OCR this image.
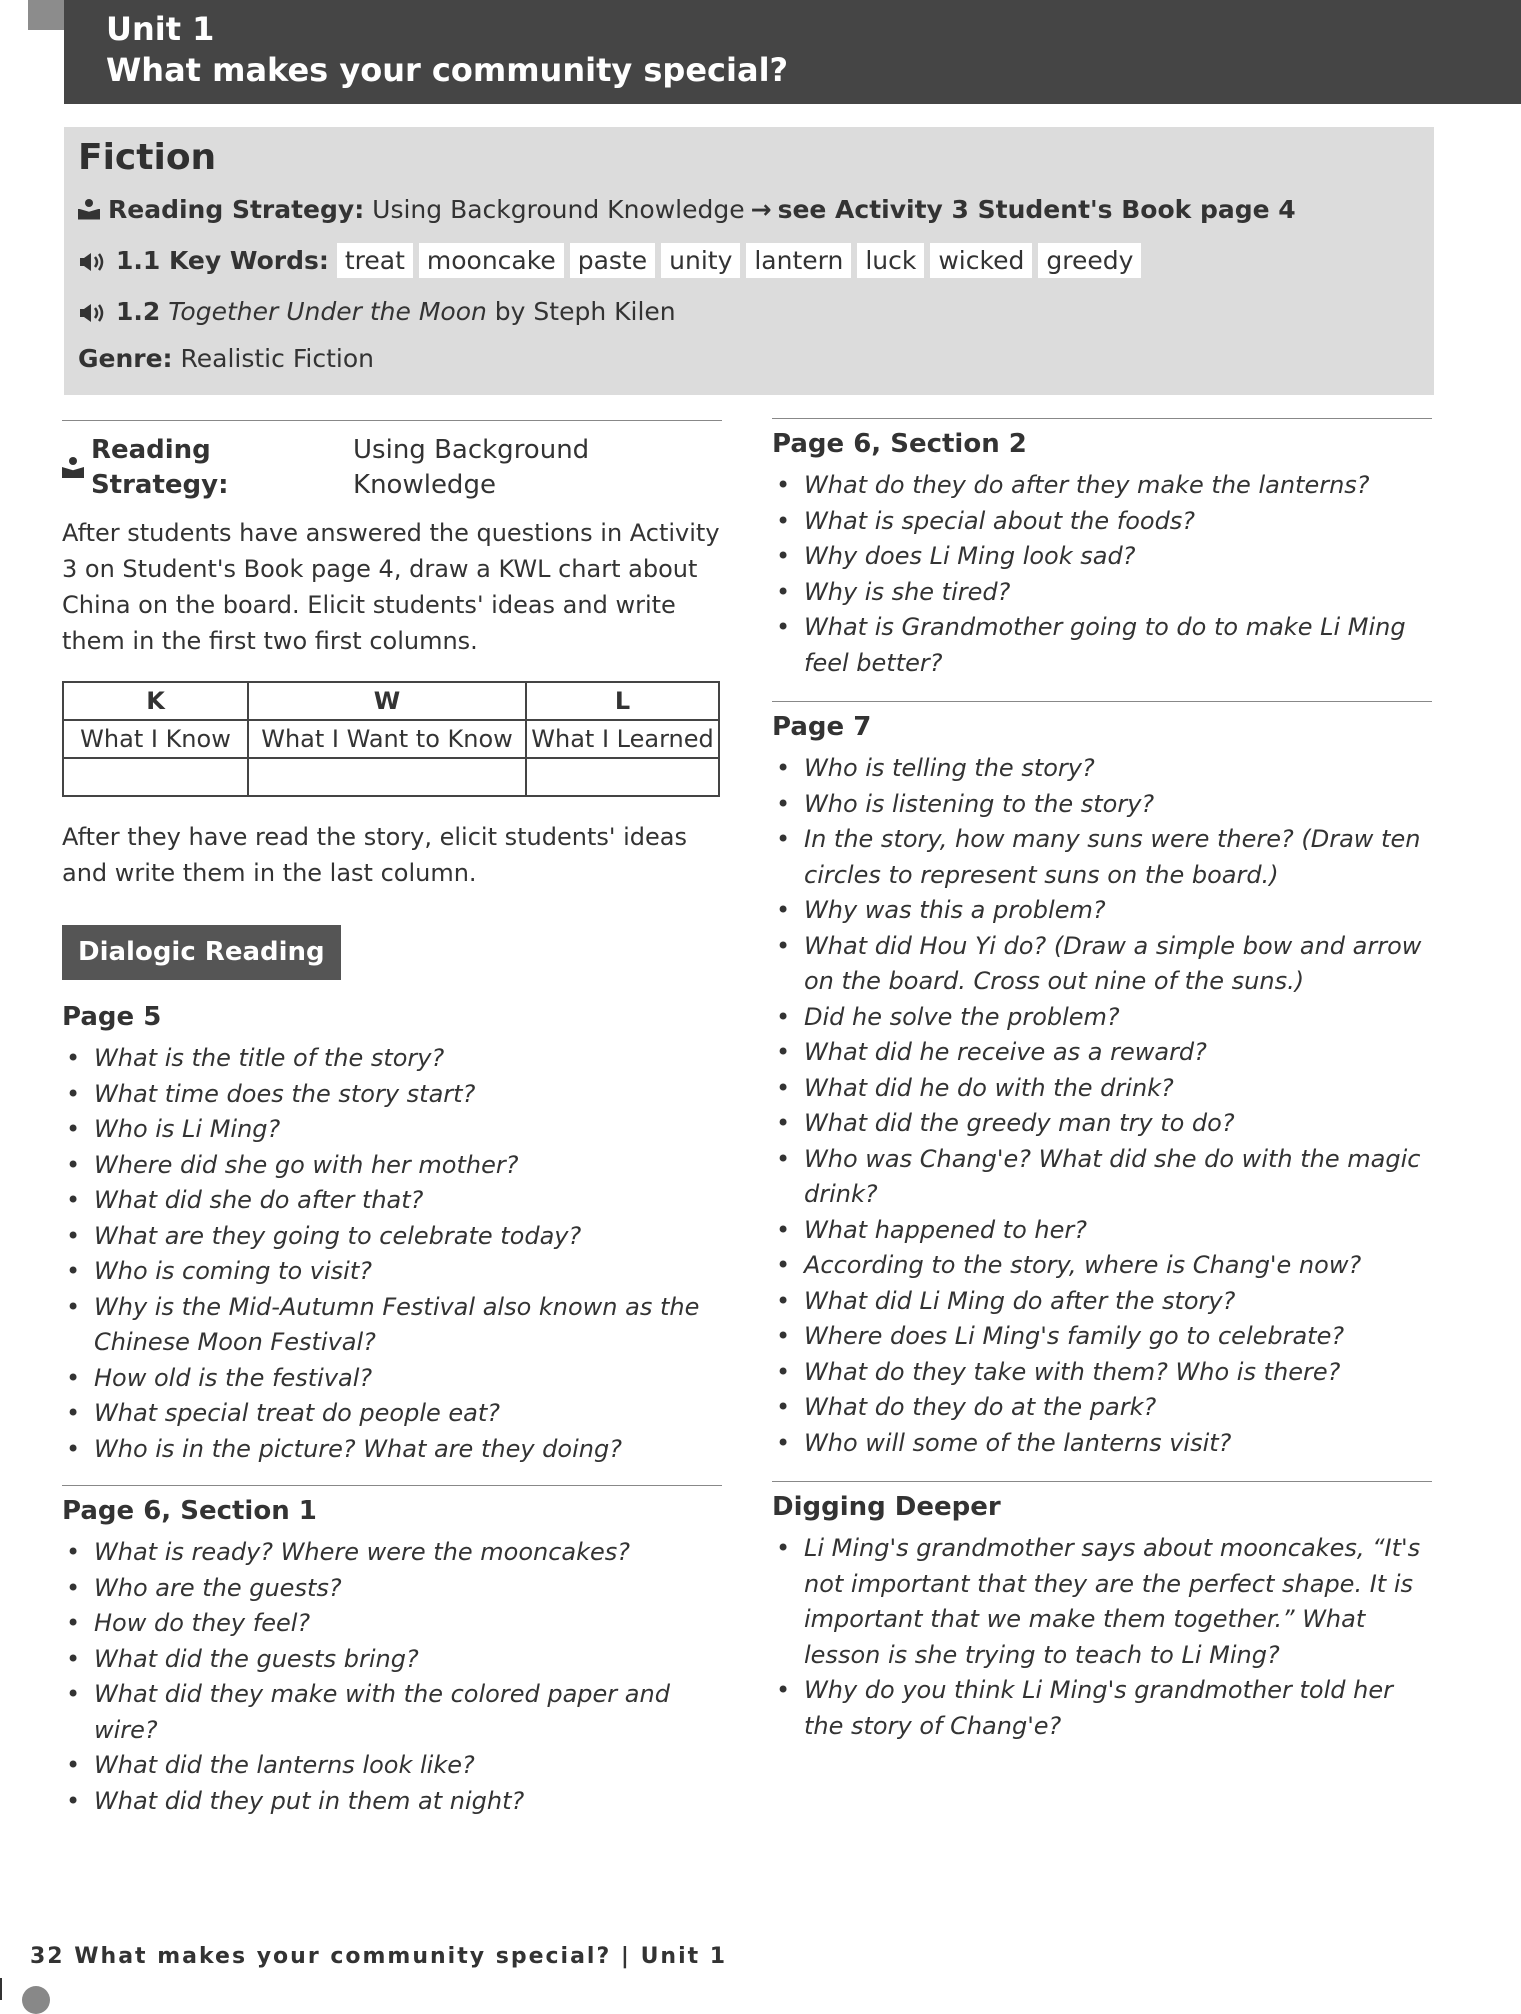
Unit 1
What makes your community special?
Fiction
Reading Strategy:
Using Background Knowledge → see Activity 3 Student's Book page 4
1.1 Key Words: treat mooncake paste unity lantern luck wicked greedy
1.2
Together Under the Moon
by Steph Kilen
Genre:
Realistic Fiction
Reading Strategy:

Using Background Knowledge

After students have answered the questions in Activity 3 on Student's Book page 4, draw a KWL chart about China on the board. Elicit students' ideas and write them in the first two first columns.

K	W	L
What I Know	What I Want to Know	What I Learned

After they have read the story, elicit students' ideas and write them in the last column.

Dialogic Reading
Page 5
• What is the title of the story?
• What time does the story start?
• Who is Li Ming?
• Where did she go with her mother?
• What did she do after that?
• What are they going to celebrate today?
• Who is coming to visit?
• Why is the Mid-Autumn Festival also known as the Chinese Moon Festival?
• How old is the festival?
• What special treat do people eat?
• Who is in the picture? What are they doing?
Page 6, Section 1
• What is ready? Where were the mooncakes?
• Who are the guests?
• How do they feel?
• What did the guests bring?
• What did they make with the colored paper and wire?
• What did the lanterns look like?
• What did they put in them at night?
Page 6, Section 2
• What do they do after they make the lanterns?
• What is special about the foods?
• Why does Li Ming look sad?
• Why is she tired?
• What is Grandmother going to do to make Li Ming feel better?
Page 7
• Who is telling the story?
• Who is listening to the story?
• In the story, how many suns were there? (Draw ten circles to represent suns on the board.)
• Why was this a problem?
• What did Hou Yi do? (Draw a simple bow and arrow on the board. Cross out nine of the suns.)
• Did he solve the problem?
• What did he receive as a reward?
• What did he do with the drink?
• What did the greedy man try to do?
• Who was Chang'e? What did she do with the magic drink?
• What happened to her?
• According to the story, where is Chang'e now?
• What did Li Ming do after the story?
• Where does Li Ming's family go to celebrate?
• What do they take with them? Who is there?
• What do they do at the park?
• Who will some of the lanterns visit?
Digging Deeper
• Li Ming's grandmother says about mooncakes, “It's not important that they are the perfect shape. It is important that we make them together.” What lesson is she trying to teach to Li Ming?
• Why do you think Li Ming's grandmother told her the story of Chang'e?
32 What makes your community special? | Unit 1
